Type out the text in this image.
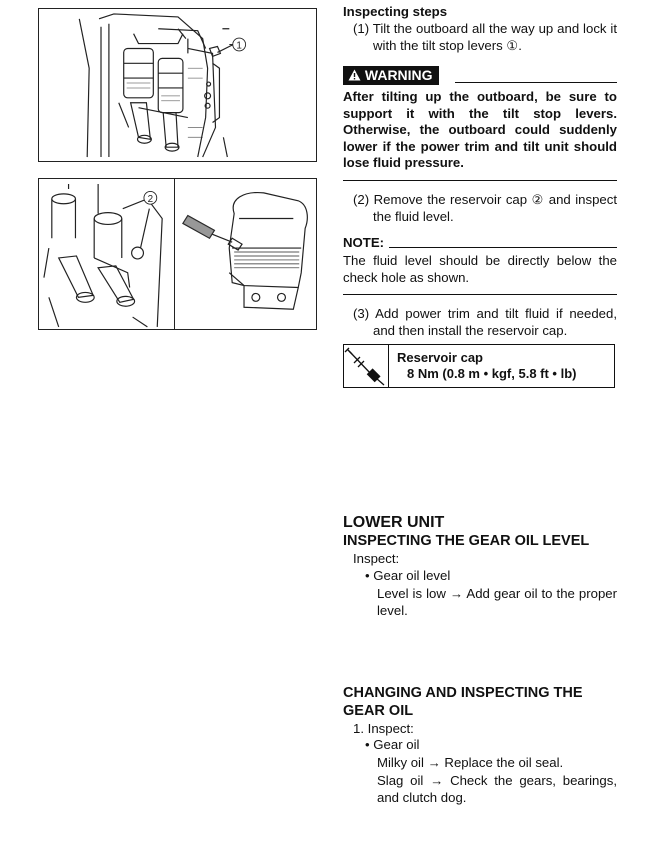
1
2
Inspecting steps
(1) Tilt the outboard all the way up and lock it with the tilt stop levers ①.
WARNING
After tilting up the outboard, be sure to support it with the tilt stop levers. Otherwise, the outboard could suddenly lower if the power trim and tilt unit should lose fluid pressure.
(2) Remove the reservoir cap ② and inspect the fluid level.
NOTE:
The fluid level should be directly below the check hole as shown.
(3) Add power trim and tilt fluid if needed, and then install the reservoir cap.
Reservoir cap
8 Nm (0.8 m • kgf, 5.8 ft • lb)
LOWER UNIT
INSPECTING THE GEAR OIL LEVEL
Inspect:
• Gear oil level
Level is low → Add gear oil to the proper level.
CHANGING AND INSPECTING THE
GEAR OIL
1. Inspect:
• Gear oil
Milky oil → Replace the oil seal.
Slag oil → Check the gears, bearings, and clutch dog.
